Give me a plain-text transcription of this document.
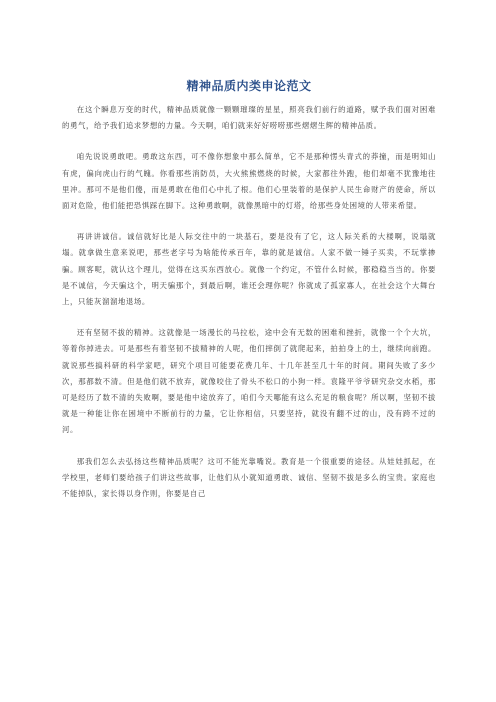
精神品质内类申论范文

在这个瞬息万变的时代，精神品质就像一颗颗璀璨的星星，照亮我们前行的道路，赋予我们面对困难的勇气，给予我们追求梦想的力量。今天啊，咱们就来好好唠唠那些熠熠生辉的精神品质。

咱先说说勇敢吧。勇敢这东西，可不像你想象中那么简单，它不是那种愣头青式的莽撞，而是明知山有虎，偏向虎山行的气魄。你看那些消防员，大火熊熊燃烧的时候，大家都往外跑，他们却毫不犹豫地往里冲。那可不是他们傻，而是勇敢在他们心中扎了根。他们心里装着的是保护人民生命财产的使命，所以面对危险，他们能把恐惧踩在脚下。这种勇敢啊，就像黑暗中的灯塔，给那些身处困境的人带来希望。

再讲讲诚信。诚信就好比是人际交往中的一块基石，要是没有了它，这人际关系的大楼啊，说塌就塌。就拿做生意来说吧，那些老字号为啥能传承百年，靠的就是诚信。人家不做一锤子买卖，不玩掌掺骗。顾客呢，就认这个理儿，觉得在这买东西放心。就像一个约定，不管什么时候，都稳稳当当的。你要是不诚信，今天骗这个，明天骗那个，到最后啊，谁还会理你呢？你就成了孤家寡人，在社会这个大舞台上，只能灰溜溜地退场。

还有坚韧不拔的精神。这就像是一场漫长的马拉松，途中会有无数的困难和挫折，就像一个个大坑，等着你掉进去。可是那些有着坚韧不拔精神的人呢，他们摔倒了就爬起来，拍拍身上的土，继续向前跑。就说那些搞科研的科学家吧，研究个项目可能要花费几年、十几年甚至几十年的时间。期间失败了多少次，那都数不清。但是他们就不放弃，就像咬住了骨头不松口的小狗一样。袁隆平爷爷研究杂交水稻，那可是经历了数不清的失败啊，要是他中途放弃了，咱们今天哪能有这么充足的粮食呢？所以啊，坚韧不拔就是一种能让你在困境中不断前行的力量，它让你相信，只要坚持，就没有翻不过的山，没有跨不过的河。

那我们怎么去弘扬这些精神品质呢？这可不能光靠嘴说。教育是一个很重要的途径。从娃娃抓起，在学校里，老师们要给孩子们讲这些故事，让他们从小就知道勇敢、诚信、坚韧不拔是多么的宝贵。家庭也不能掉队，家长得以身作则，你要是自己
